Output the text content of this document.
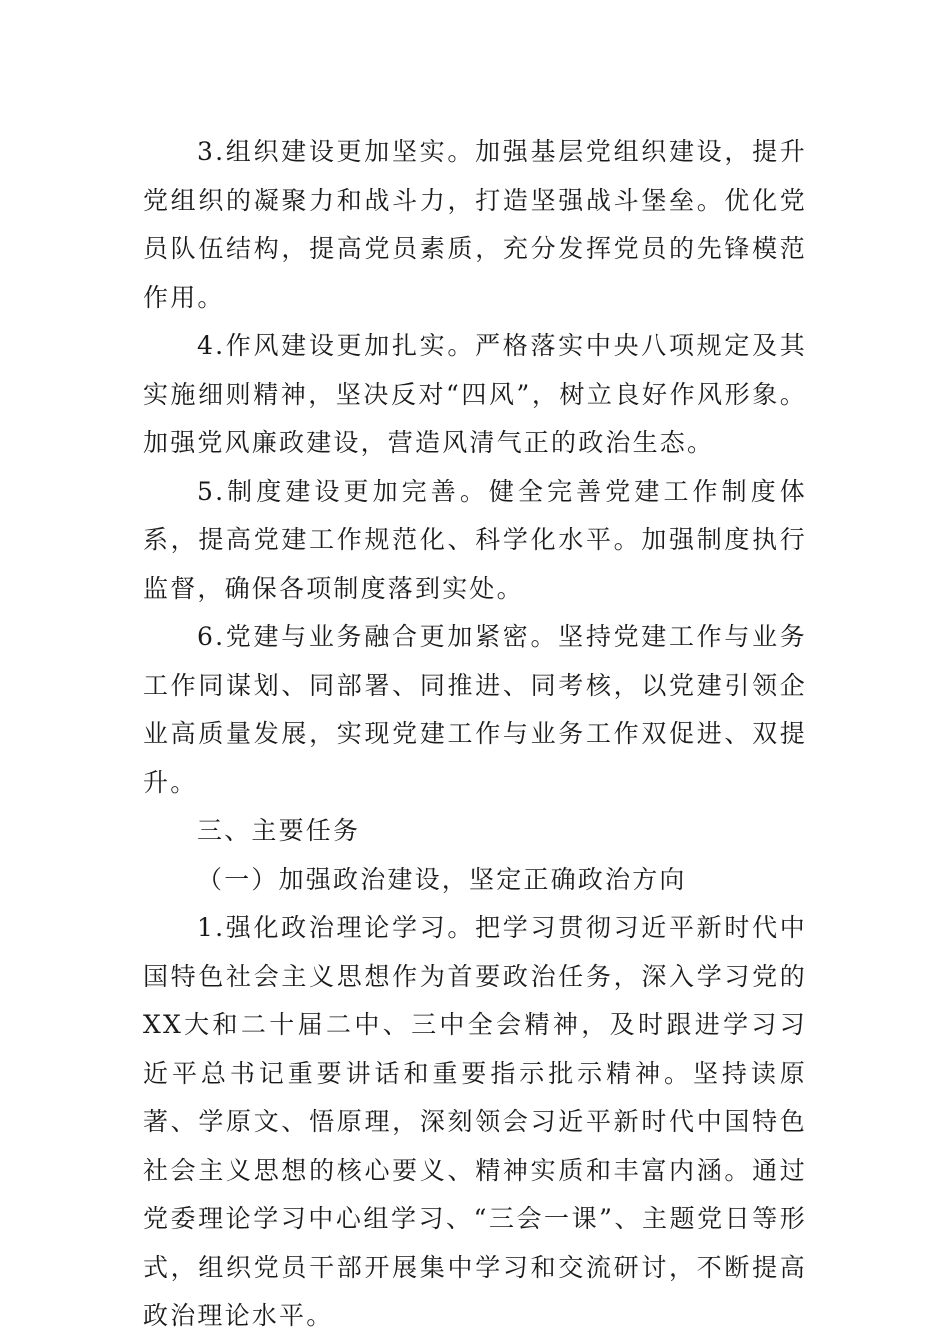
3.组织建设更加坚实。加强基层党组织建设，提升党组织的凝聚力和战斗力，打造坚强战斗堡垒。优化党员队伍结构，提高党员素质，充分发挥党员的先锋模范作用。

4.作风建设更加扎实。严格落实中央八项规定及其实施细则精神，坚决反对“四风”，树立良好作风形象。加强党风廉政建设，营造风清气正的政治生态。

5.制度建设更加完善。健全完善党建工作制度体系，提高党建工作规范化、科学化水平。加强制度执行监督，确保各项制度落到实处。

6.党建与业务融合更加紧密。坚持党建工作与业务工作同谋划、同部署、同推进、同考核，以党建引领企业高质量发展，实现党建工作与业务工作双促进、双提升。

三、主要任务

（一）加强政治建设，坚定正确政治方向

1.强化政治理论学习。把学习贯彻习近平新时代中国特色社会主义思想作为首要政治任务，深入学习党的XX大和二十届二中、三中全会精神，及时跟进学习习近平总书记重要讲话和重要指示批示精神。坚持读原著、学原文、悟原理，深刻领会习近平新时代中国特色社会主义思想的核心要义、精神实质和丰富内涵。通过党委理论学习中心组学习、“三会一课”、主题党日等形式，组织党员干部开展集中学习和交流研讨，不断提高政治理论水平。
